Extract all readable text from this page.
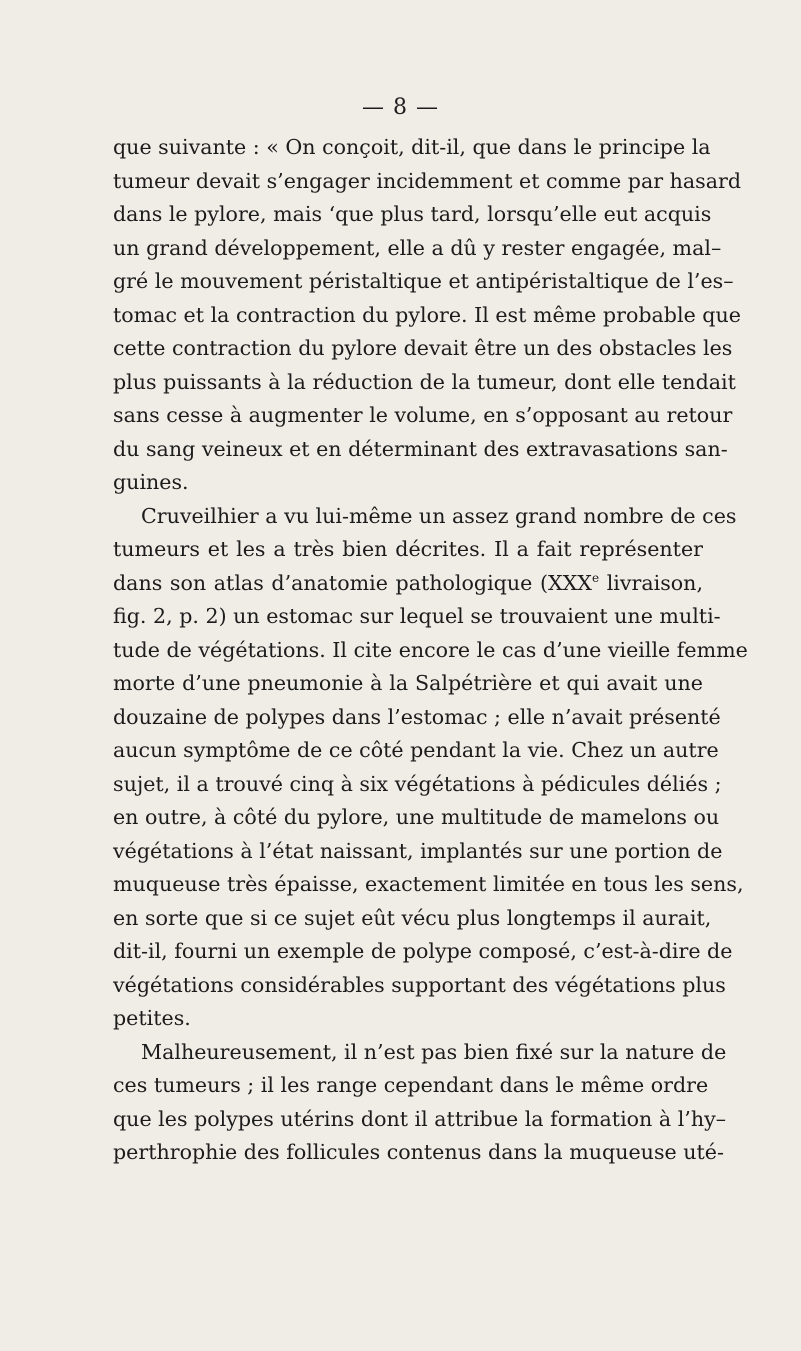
— 8 —
que suivante : « On conçoit, dit-il, que dans le principe la
tumeur devait s’engager incidemment et comme par hasard
dans le pylore, mais ‘que plus tard, lorsqu’elle eut acquis
un grand développement, elle a dû y rester engagée, mal–
gré le mouvement péristaltique et antipéristaltique de l’es–
tomac et la contraction du pylore. Il est même probable que
cette contraction du pylore devait être un des obstacles les
plus puissants à la réduction de la tumeur, dont elle tendait
sans cesse à augmenter le volume, en s’opposant au retour
du sang veineux et en déterminant des extravasations san-
guines.
Cruveilhier a vu lui-même un assez grand nombre de ces
tumeurs et les a très bien décrites. Il a fait représenter
dans son atlas d’anatomie pathologique (XXXe livraison,
fig. 2, p. 2) un estomac sur lequel se trouvaient une multi-
tude de végétations. Il cite encore le cas d’une vieille femme
morte d’une pneumonie à la Salpétrière et qui avait une
douzaine de polypes dans l’estomac ; elle n’avait présenté
aucun symptôme de ce côté pendant la vie. Chez un autre
sujet, il a trouvé cinq à six végétations à pédicules déliés ;
en outre, à côté du pylore, une multitude de mamelons ou
végétations à l’état naissant, implantés sur une portion de
muqueuse très épaisse, exactement limitée en tous les sens,
en sorte que si ce sujet eût vécu plus longtemps il aurait,
dit-il, fourni un exemple de polype composé, c’est-à-dire de
végétations considérables supportant des végétations plus
petites.
Malheureusement, il n’est pas bien fixé sur la nature de
ces tumeurs ; il les range cependant dans le même ordre
que les polypes utérins dont il attribue la formation à l’hy–
perthrophie des follicules contenus dans la muqueuse uté-
